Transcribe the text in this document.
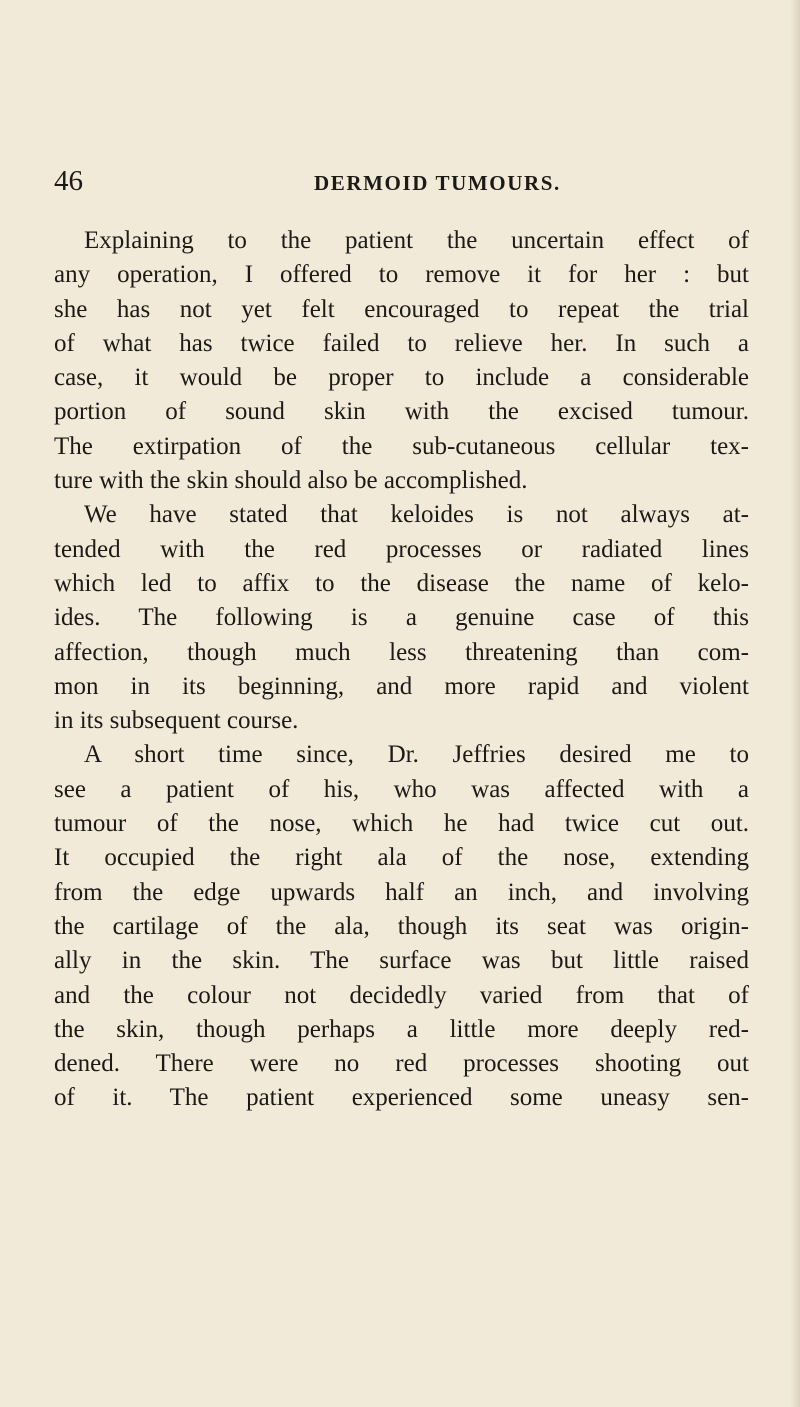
46	DERMOID TUMOURS.
Explaining to the patient the uncertain effect of
any operation, I offered to remove it for her : but
she has not yet felt encouraged to repeat the trial
of what has twice failed to relieve her. In such a
case, it would be proper to include a considerable
portion of sound skin with the excised tumour.
The extirpation of the sub-cutaneous cellular tex-
ture with the skin should also be accomplished.
We have stated that keloides is not always at-
tended with the red processes or radiated lines
which led to affix to the disease the name of kelo-
ides. The following is a genuine case of this
affection, though much less threatening than com-
mon in its beginning, and more rapid and violent
in its subsequent course.
A short time since, Dr. Jeffries desired me to
see a patient of his, who was affected with a
tumour of the nose, which he had twice cut out.
It occupied the right ala of the nose, extending
from the edge upwards half an inch, and involving
the cartilage of the ala, though its seat was origin-
ally in the skin. The surface was but little raised
and the colour not decidedly varied from that of
the skin, though perhaps a little more deeply red-
dened. There were no red processes shooting out
of it. The patient experienced some uneasy sen-
